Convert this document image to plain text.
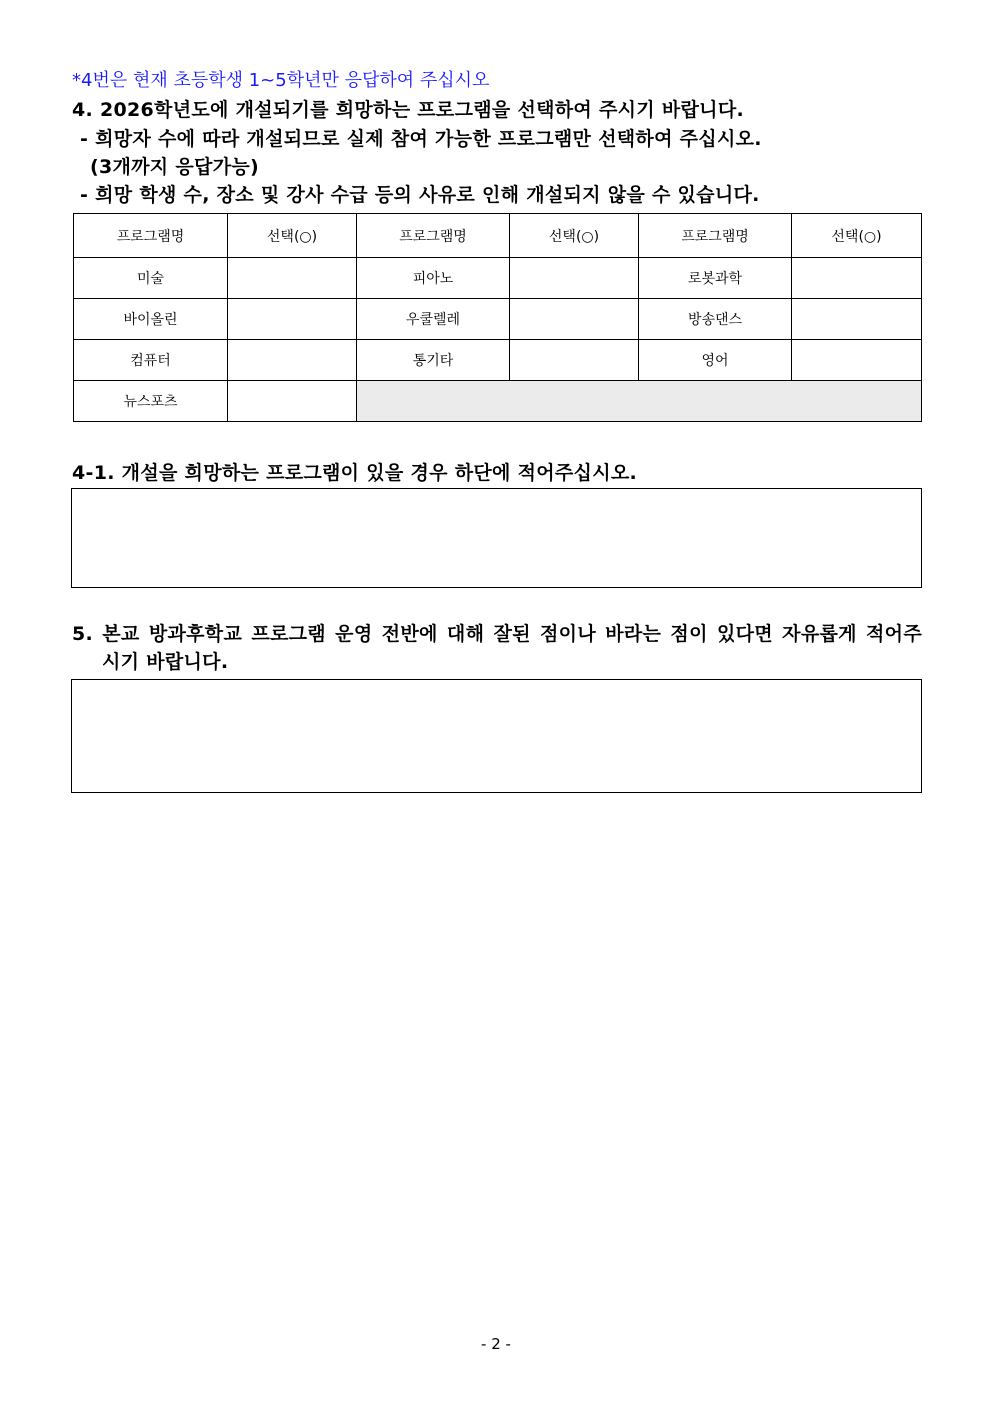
*4번은 현재 초등학생 1~5학년만 응답하여 주십시오
4. 2026학년도에 개설되기를 희망하는 프로그램을 선택하여 주시기 바랍니다.
- 희망자 수에 따라 개설되므로 실제 참여 가능한 프로그램만 선택하여 주십시오.
(3개까지 응답가능)
- 희망 학생 수, 장소 및 강사 수급 등의 사유로 인해 개설되지 않을 수 있습니다.
프로그램명	선택(○)	프로그램명	선택(○)	프로그램명	선택(○)
미술		피아노		로봇과학	
바이올린		우쿨렐레		방송댄스	
컴퓨터		통기타		영어	
뉴스포츠					
4-1. 개설을 희망하는 프로그램이 있을 경우 하단에 적어주십시오.
5. 본교 방과후학교 프로그램 운영 전반에 대해 잘된 점이나 바라는 점이 있다면 자유롭게 적어주
시기 바랍니다.
- 2 -
